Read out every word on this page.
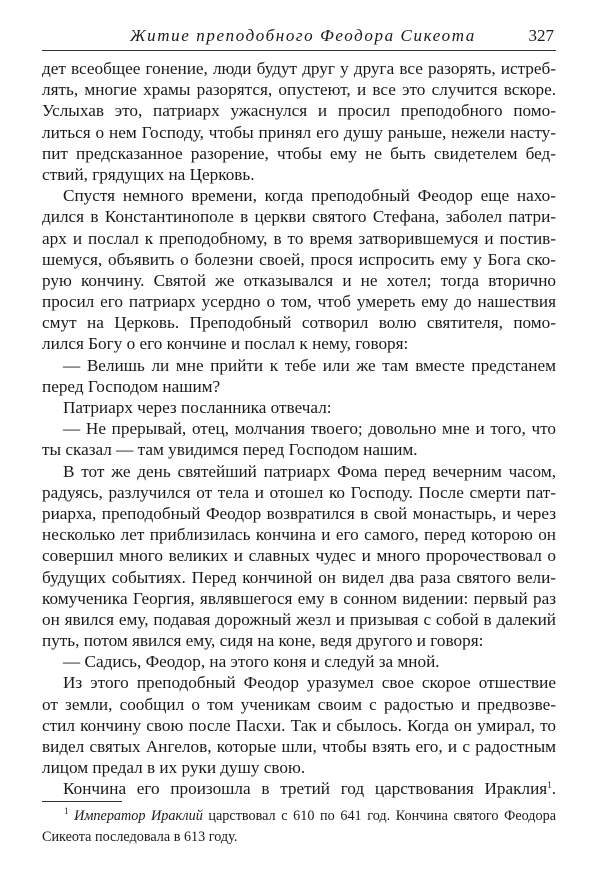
Житие преподобного Феодора Сикеота	327
дет всеобщее гонение, люди будут друг у друга все разорять, истреб-
лять, многие храмы разорятся, опустеют, и все это случится вскоре.
Услыхав это, патриарх ужаснулся и просил преподобного помо-
литься о нем Господу, чтобы принял его душу раньше, нежели насту-
пит предсказанное разорение, чтобы ему не быть свидетелем бед-
ствий, грядущих на Церковь.
Спустя немного времени, когда преподобный Феодор еще нахо-
дился в Константинополе в церкви святого Стефана, заболел патри-
арх и послал к преподобному, в то время затворившемуся и постив-
шемуся, объявить о болезни своей, прося испросить ему у Бога ско-
рую кончину. Святой же отказывался и не хотел; тогда вторично
просил его патриарх усердно о том, чтоб умереть ему до нашествия
смут на Церковь. Преподобный сотворил волю святителя, помо-
лился Богу о его кончине и послал к нему, говоря:
— Велишь ли мне прийти к тебе или же там вместе предстанем
перед Господом нашим?
Патриарх через посланника отвечал:
— Не прерывай, отец, молчания твоего; довольно мне и того, что
ты сказал — там увидимся перед Господом нашим.
В тот же день святейший патриарх Фома перед вечерним часом,
радуясь, разлучился от тела и отошел ко Господу. После смерти пат-
риарха, преподобный Феодор возвратился в свой монастырь, и через
несколько лет приблизилась кончина и его самого, перед которою он
совершил много великих и славных чудес и много пророчествовал о
будущих событиях. Перед кончиной он видел два раза святого вели-
комученика Георгия, являвшегося ему в сонном видении: первый раз
он явился ему, подавая дорожный жезл и призывая с собой в далекий
путь, потом явился ему, сидя на коне, ведя другого и говоря:
— Садись, Феодор, на этого коня и следуй за мной.
Из этого преподобный Феодор уразумел свое скорое отшествие
от земли, сообщил о том ученикам своим с радостью и предвозве-
стил кончину свою после Пасхи. Так и сбылось. Когда он умирал, то
видел святых Ангелов, которые шли, чтобы взять его, и с радостным
лицом предал в их руки душу свою.
Кончина его произошла в третий год царствования Ираклия$^1$.
$^1$ Император Ираклий царствовал с 610 по 641 год. Кончина святого Феодора
Сикеота последовала в 613 году.
